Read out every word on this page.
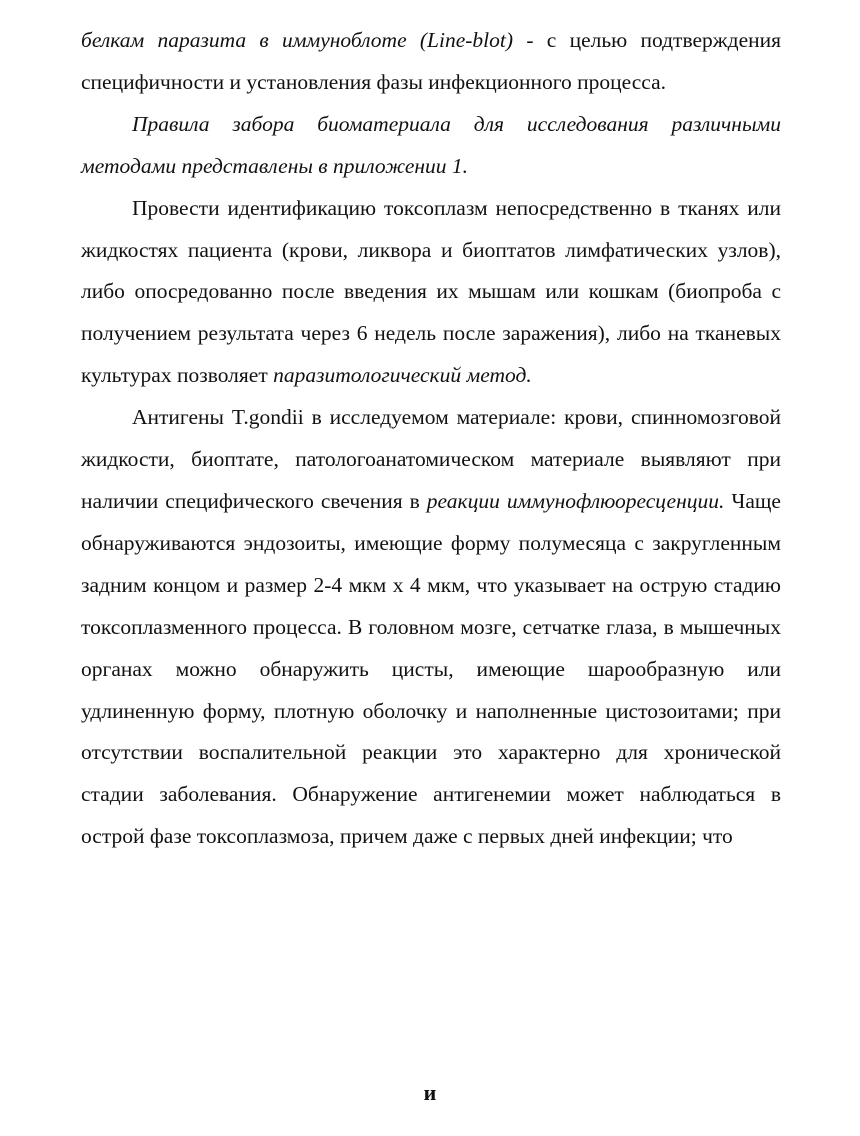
белкам паразита в иммуноблоте (Line-blot) - с целью подтверждения специфичности и установления фазы инфекционного процесса.

Правила забора биоматериала для исследования различными методами представлены в приложении 1.

Провести идентификацию токсоплазм непосредственно в тканях или жидкостях пациента (крови, ликвора и биоптатов лимфатических узлов), либо опосредованно после введения их мышам или кошкам (биопроба с получением результата через 6 недель после заражения), либо на тканевых культурах позволяет паразитологический метод.

Антигены T.gondii в исследуемом материале: крови, спинномозговой жидкости, биоптате, патологоанатомическом материале выявляют при наличии специфического свечения в реакции иммунофлюоресценции. Чаще обнаруживаются эндозоиты, имеющие форму полумесяца с закругленным задним концом и размер 2-4 мкм х 4 мкм, что указывает на острую стадию токсоплазменного процесса. В головном мозге, сетчатке глаза, в мышечных органах можно обнаружить цисты, имеющие шарообразную или удлиненную форму, плотную оболочку и наполненные цистозоитами; при отсутствии воспалительной реакции это характерно для хронической стадии заболевания. Обнаружение антигенемии может наблюдаться в острой фазе токсоплазмоза, причем даже с первых дней инфекции; что

и
